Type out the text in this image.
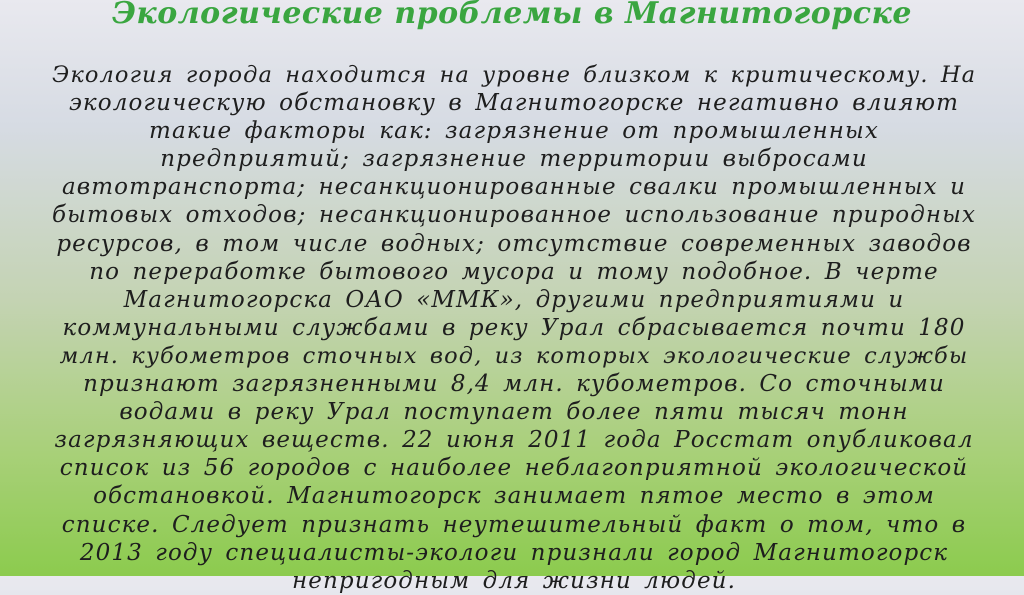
Экологические проблемы в Магнитогорске
Экология города находится на уровне близком к критическому. На
экологическую обстановку в Магнитогорске негативно влияют
такие факторы как: загрязнение от промышленных
предприятий; загрязнение территории выбросами
автотранспорта; несанкционированные свалки промышленных и
бытовых отходов; несанкционированное использование природных
ресурсов, в том числе водных; отсутствие современных заводов
по переработке бытового мусора и тому подобное. В черте
Магнитогорска ОАО «ММК», другими предприятиями и
коммунальными службами в реку Урал сбрасывается почти 180
млн. кубометров сточных вод, из которых экологические службы
признают загрязненными 8,4 млн. кубометров. Со сточными
водами в реку Урал поступает более пяти тысяч тонн
загрязняющих веществ. 22 июня 2011 года Росстат опубликовал
список из 56 городов с наиболее неблагоприятной экологической
обстановкой. Магнитогорск занимает пятое место в этом
списке. Следует признать неутешительный факт о том, что в
2013 году специалисты-экологи признали город Магнитогорск
непригодным для жизни людей.
